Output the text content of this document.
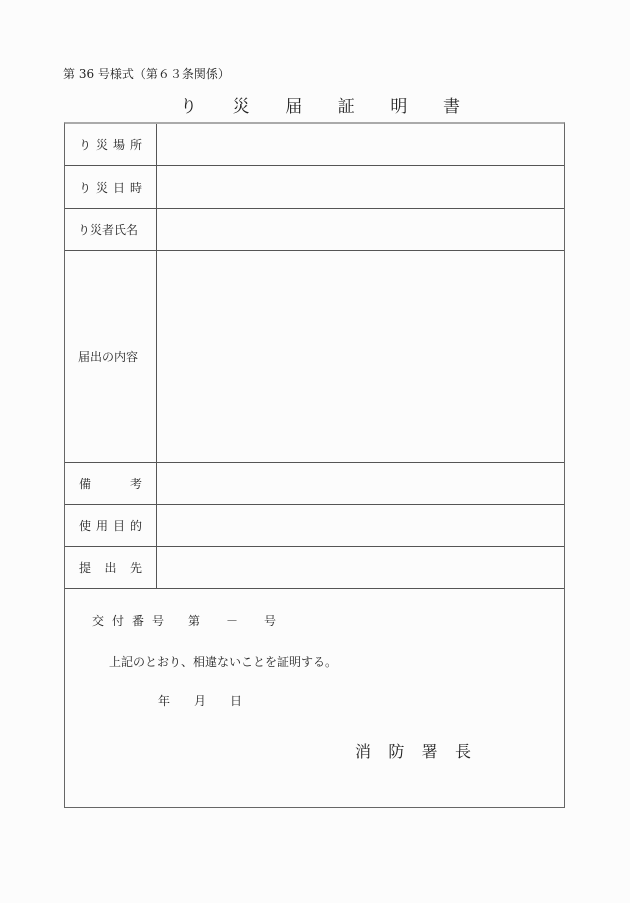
第 36 号様式（第６３条関係）
り 災 届 証 明 書
り 災 場 所
り 災 日 時
り災者氏名
届出の内容
備	考
使 用 目 的
提 出 先
交 付 番 号 第 － 号
上記のとおり、相違ないことを証明する。
年 月 日
消 防 署 長
